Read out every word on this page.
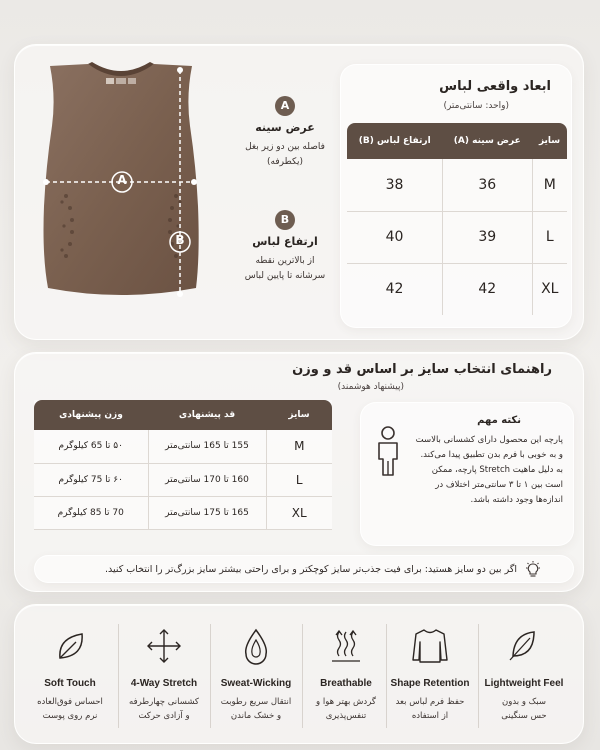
A
B
A
عرض سینه
فاصله بین دو زیر بغل
(یکطرفه)
B
ارتفاع لباس
از بالاترین نقطه
سرشانه تا پایین لباس
ابعاد واقعی لباس
(واحد: سانتی‌متر)
سایز	عرض سینه (A)	ارتفاع لباس (B)
M	36	38
L	39	40
XL	42	42
راهنمای انتخاب سایز بر اساس قد و وزن
(پیشنهاد هوشمند)
سایز	قد پیشنهادی	وزن پیشنهادی
M	155 تا 165 سانتی‌متر	۵۰ تا 65 کیلوگرم
L	160 تا 170 سانتی‌متر	۶۰ تا 75 کیلوگرم
XL	165 تا 175 سانتی‌متر	70 تا 85 کیلوگرم
نکته مهم
پارچه این محصول دارای کشسانی بالاست و به خوبی با فرم بدن تطبیق پیدا می‌کند. به دلیل ماهیت Stretch پارچه، ممکن است بین ۱ تا ۳ سانتی‌متر اختلاف در اندازه‌ها وجود داشته باشد.
اگر بین دو سایز هستید: برای فیت جذب‌تر سایز کوچکتر و برای راحتی بیشتر سایز بزرگ‌تر را انتخاب کنید.
Soft Touch
احساس فوق‌العاده
نرم روی پوست
4-Way Stretch
کشسانی چهارطرفه
و آزادی حرکت
Sweat-Wicking
انتقال سریع رطوبت
و خشک ماندن
Breathable
گردش بهتر هوا و
تنفس‌پذیری
Shape Retention
حفظ فرم لباس بعد
از استفاده
Lightweight Feel
سبک و بدون
حس سنگینی
